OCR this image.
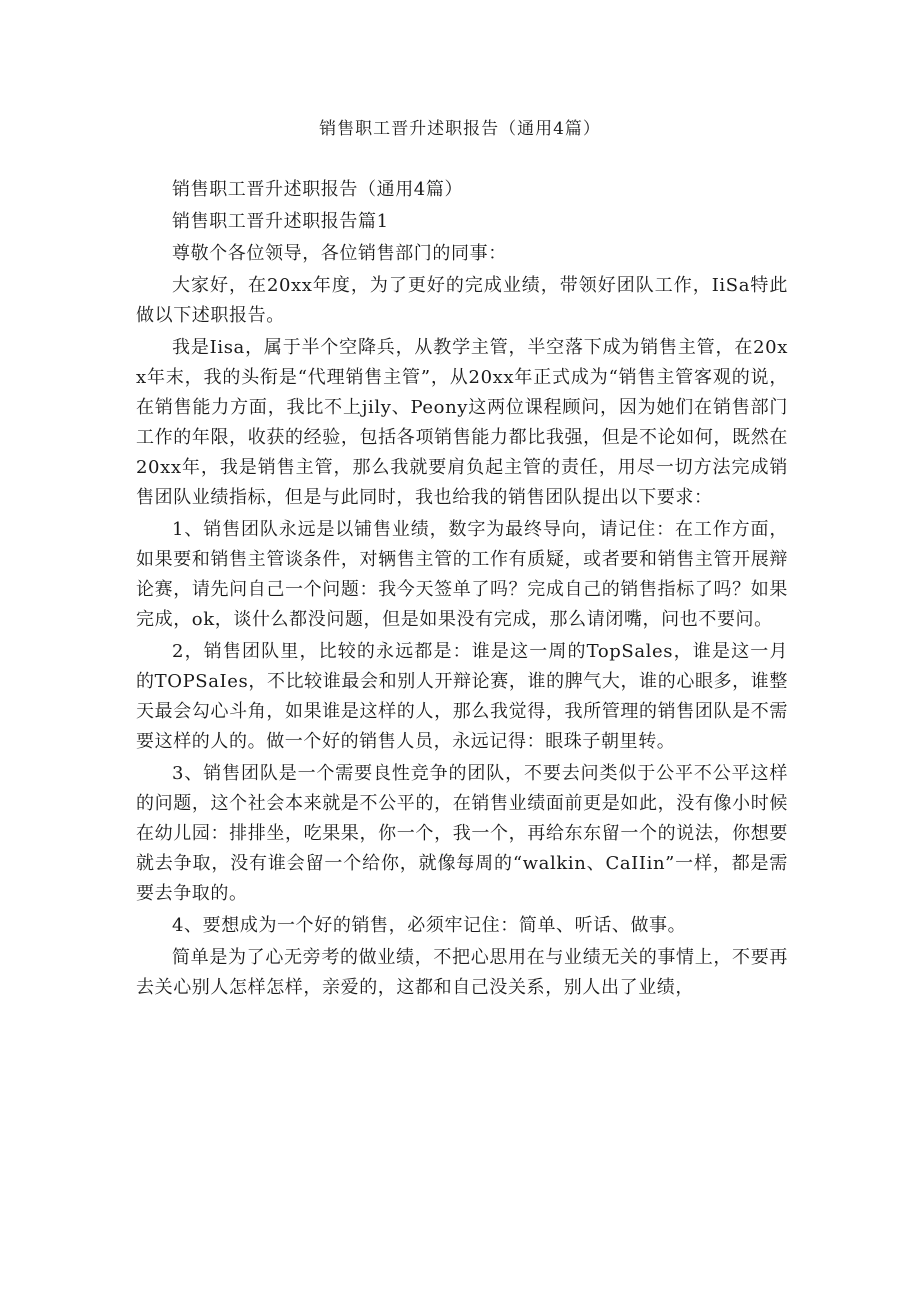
销售职工晋升述职报告（通用4篇）

销售职工晋升述职报告（通用4篇）

销售职工晋升述职报告篇1

尊敬个各位领导，各位销售部门的同事：

大家好，在20xx年度，为了更好的完成业绩，带领好团队工作，IiSa特此做以下述职报告。

我是Iisa，属于半个空降兵，从教学主管，半空落下成为销售主管，在20xx年末，我的头衔是“代理销售主管”，从20xx年正式成为“销售主管客观的说，在销售能力方面，我比不上jily、Peony这两位课程顾问，因为她们在销售部门工作的年限，收获的经验，包括各项销售能力都比我强，但是不论如何，既然在20xx年，我是销售主管，那么我就要肩负起主管的责任，用尽一切方法完成销售团队业绩指标，但是与此同时，我也给我的销售团队提出以下要求：

1、销售团队永远是以铺售业绩，数字为最终导向，请记住：在工作方面，如果要和销售主管谈条件，对辆售主管的工作有质疑，或者要和销售主管开展辩论赛，请先问自己一个问题：我今天签单了吗？完成自己的销售指标了吗？如果完成，ok，谈什么都没问题，但是如果没有完成，那么请闭嘴，问也不要问。

2，销售团队里，比较的永远都是：谁是这一周的TopSales，谁是这一月的TOPSaIes，不比较谁最会和别人开辩论赛，谁的脾气大，谁的心眼多，谁整天最会勾心斗角，如果谁是这样的人，那么我觉得，我所管理的销售团队是不需要这样的人的。做一个好的销售人员，永远记得：眼珠子朝里转。

3、销售团队是一个需要良性竞争的团队，不要去问类似于公平不公平这样的问题，这个社会本来就是不公平的，在销售业绩面前更是如此，没有像小时候在幼儿园：排排坐，吃果果，你一个，我一个，再给东东留一个的说法，你想要就去争取，没有谁会留一个给你，就像每周的“walkin、CaIIin”一样，都是需要去争取的。

4、要想成为一个好的销售，必须牢记住：简单、听话、做事。

简单是为了心无旁考的做业绩，不把心思用在与业绩无关的事情上，不要再去关心别人怎样怎样，亲爱的，这都和自己没关系，别人出了业绩，
